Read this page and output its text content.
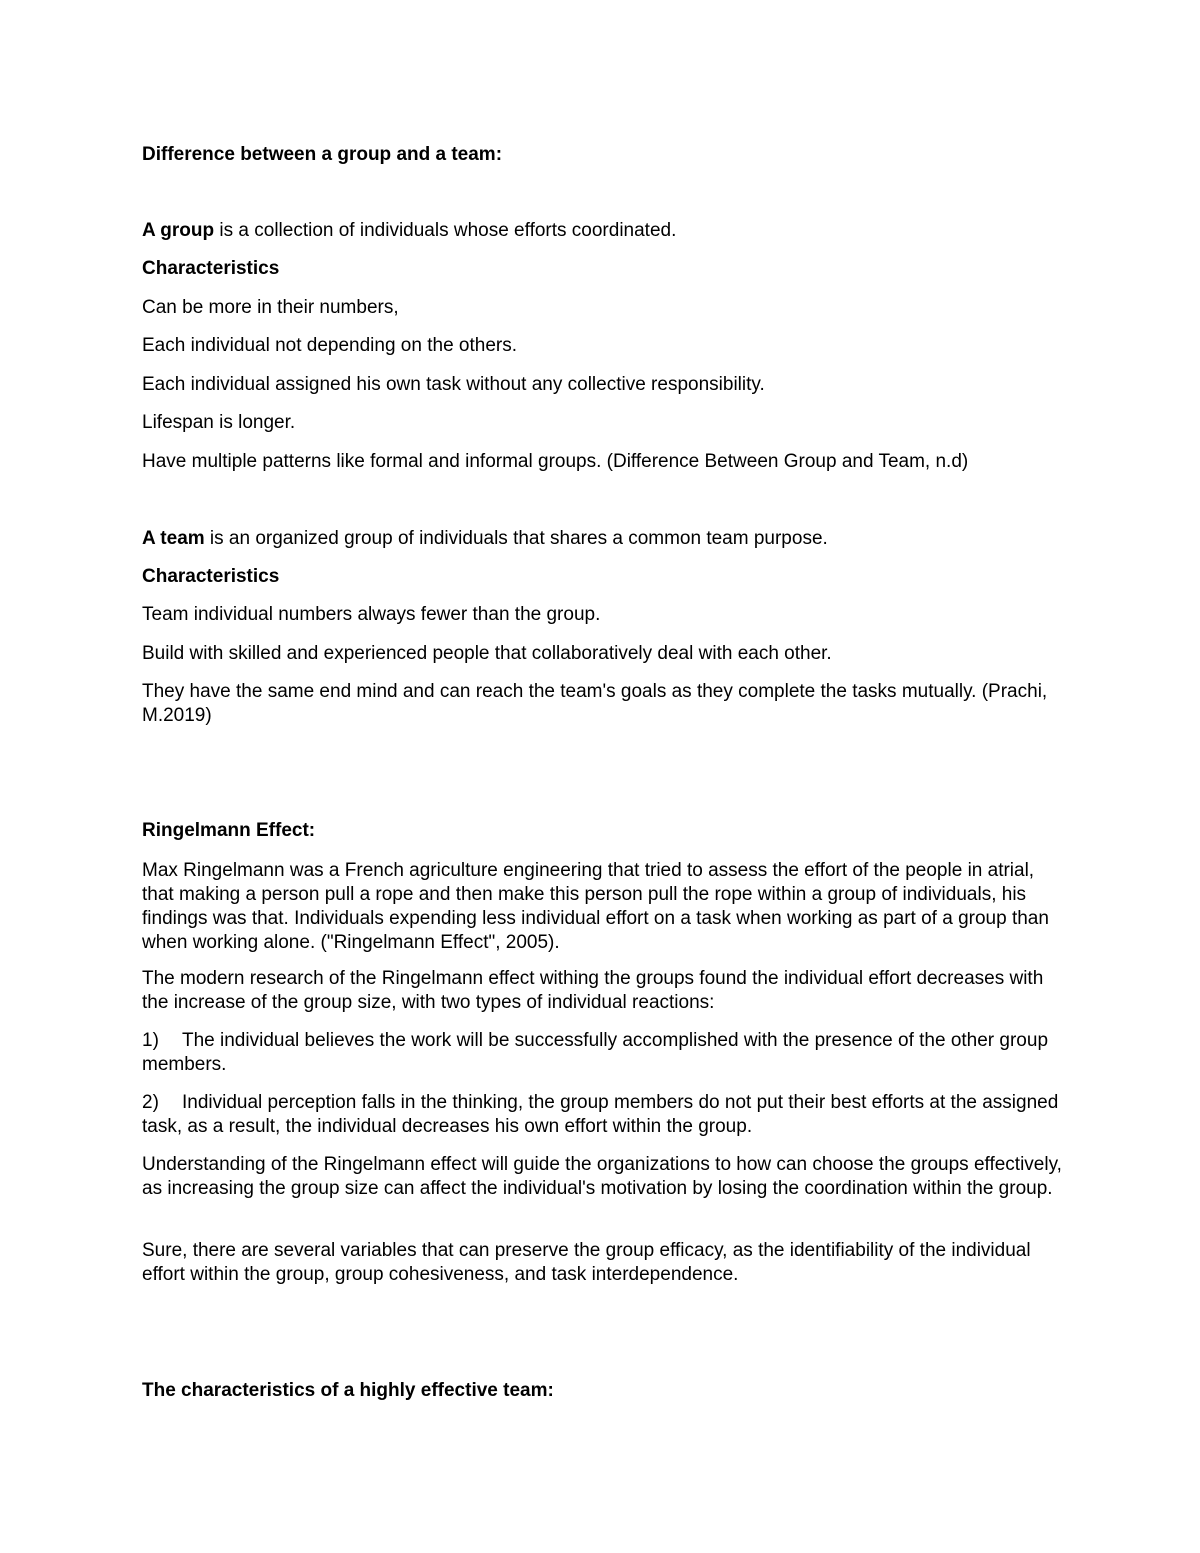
Difference between a group and a team:
A group is a collection of individuals whose efforts coordinated.
Characteristics
Can be more in their numbers,
Each individual not depending on the others.
Each individual assigned his own task without any collective responsibility.
Lifespan is longer.
Have multiple patterns like formal and informal groups. (Difference Between Group and Team, n.d)
A team is an organized group of individuals that shares a common team purpose.
Characteristics
Team individual numbers always fewer than the group.
Build with skilled and experienced people that collaboratively deal with each other.
They have the same end mind and can reach the team's goals as they complete the tasks mutually. (Prachi, M.2019)
Ringelmann Effect:
Max Ringelmann was a French agriculture engineering that tried to assess the effort of the people in atrial, that making a person pull a rope and then make this person pull the rope within a group of individuals, his findings was that. Individuals expending less individual effort on a task when working as part of a group than when working alone. ("Ringelmann Effect", 2005).
The modern research of the Ringelmann effect withing the groups found the individual effort decreases with the increase of the group size, with two types of individual reactions:
1) The individual believes the work will be successfully accomplished with the presence of the other group members.
2) Individual perception falls in the thinking, the group members do not put their best efforts at the assigned task, as a result, the individual decreases his own effort within the group.
Understanding of the Ringelmann effect will guide the organizations to how can choose the groups effectively, as increasing the group size can affect the individual's motivation by losing the coordination within the group.
Sure, there are several variables that can preserve the group efficacy, as the identifiability of the individual effort within the group, group cohesiveness, and task interdependence.
The characteristics of a highly effective team:
